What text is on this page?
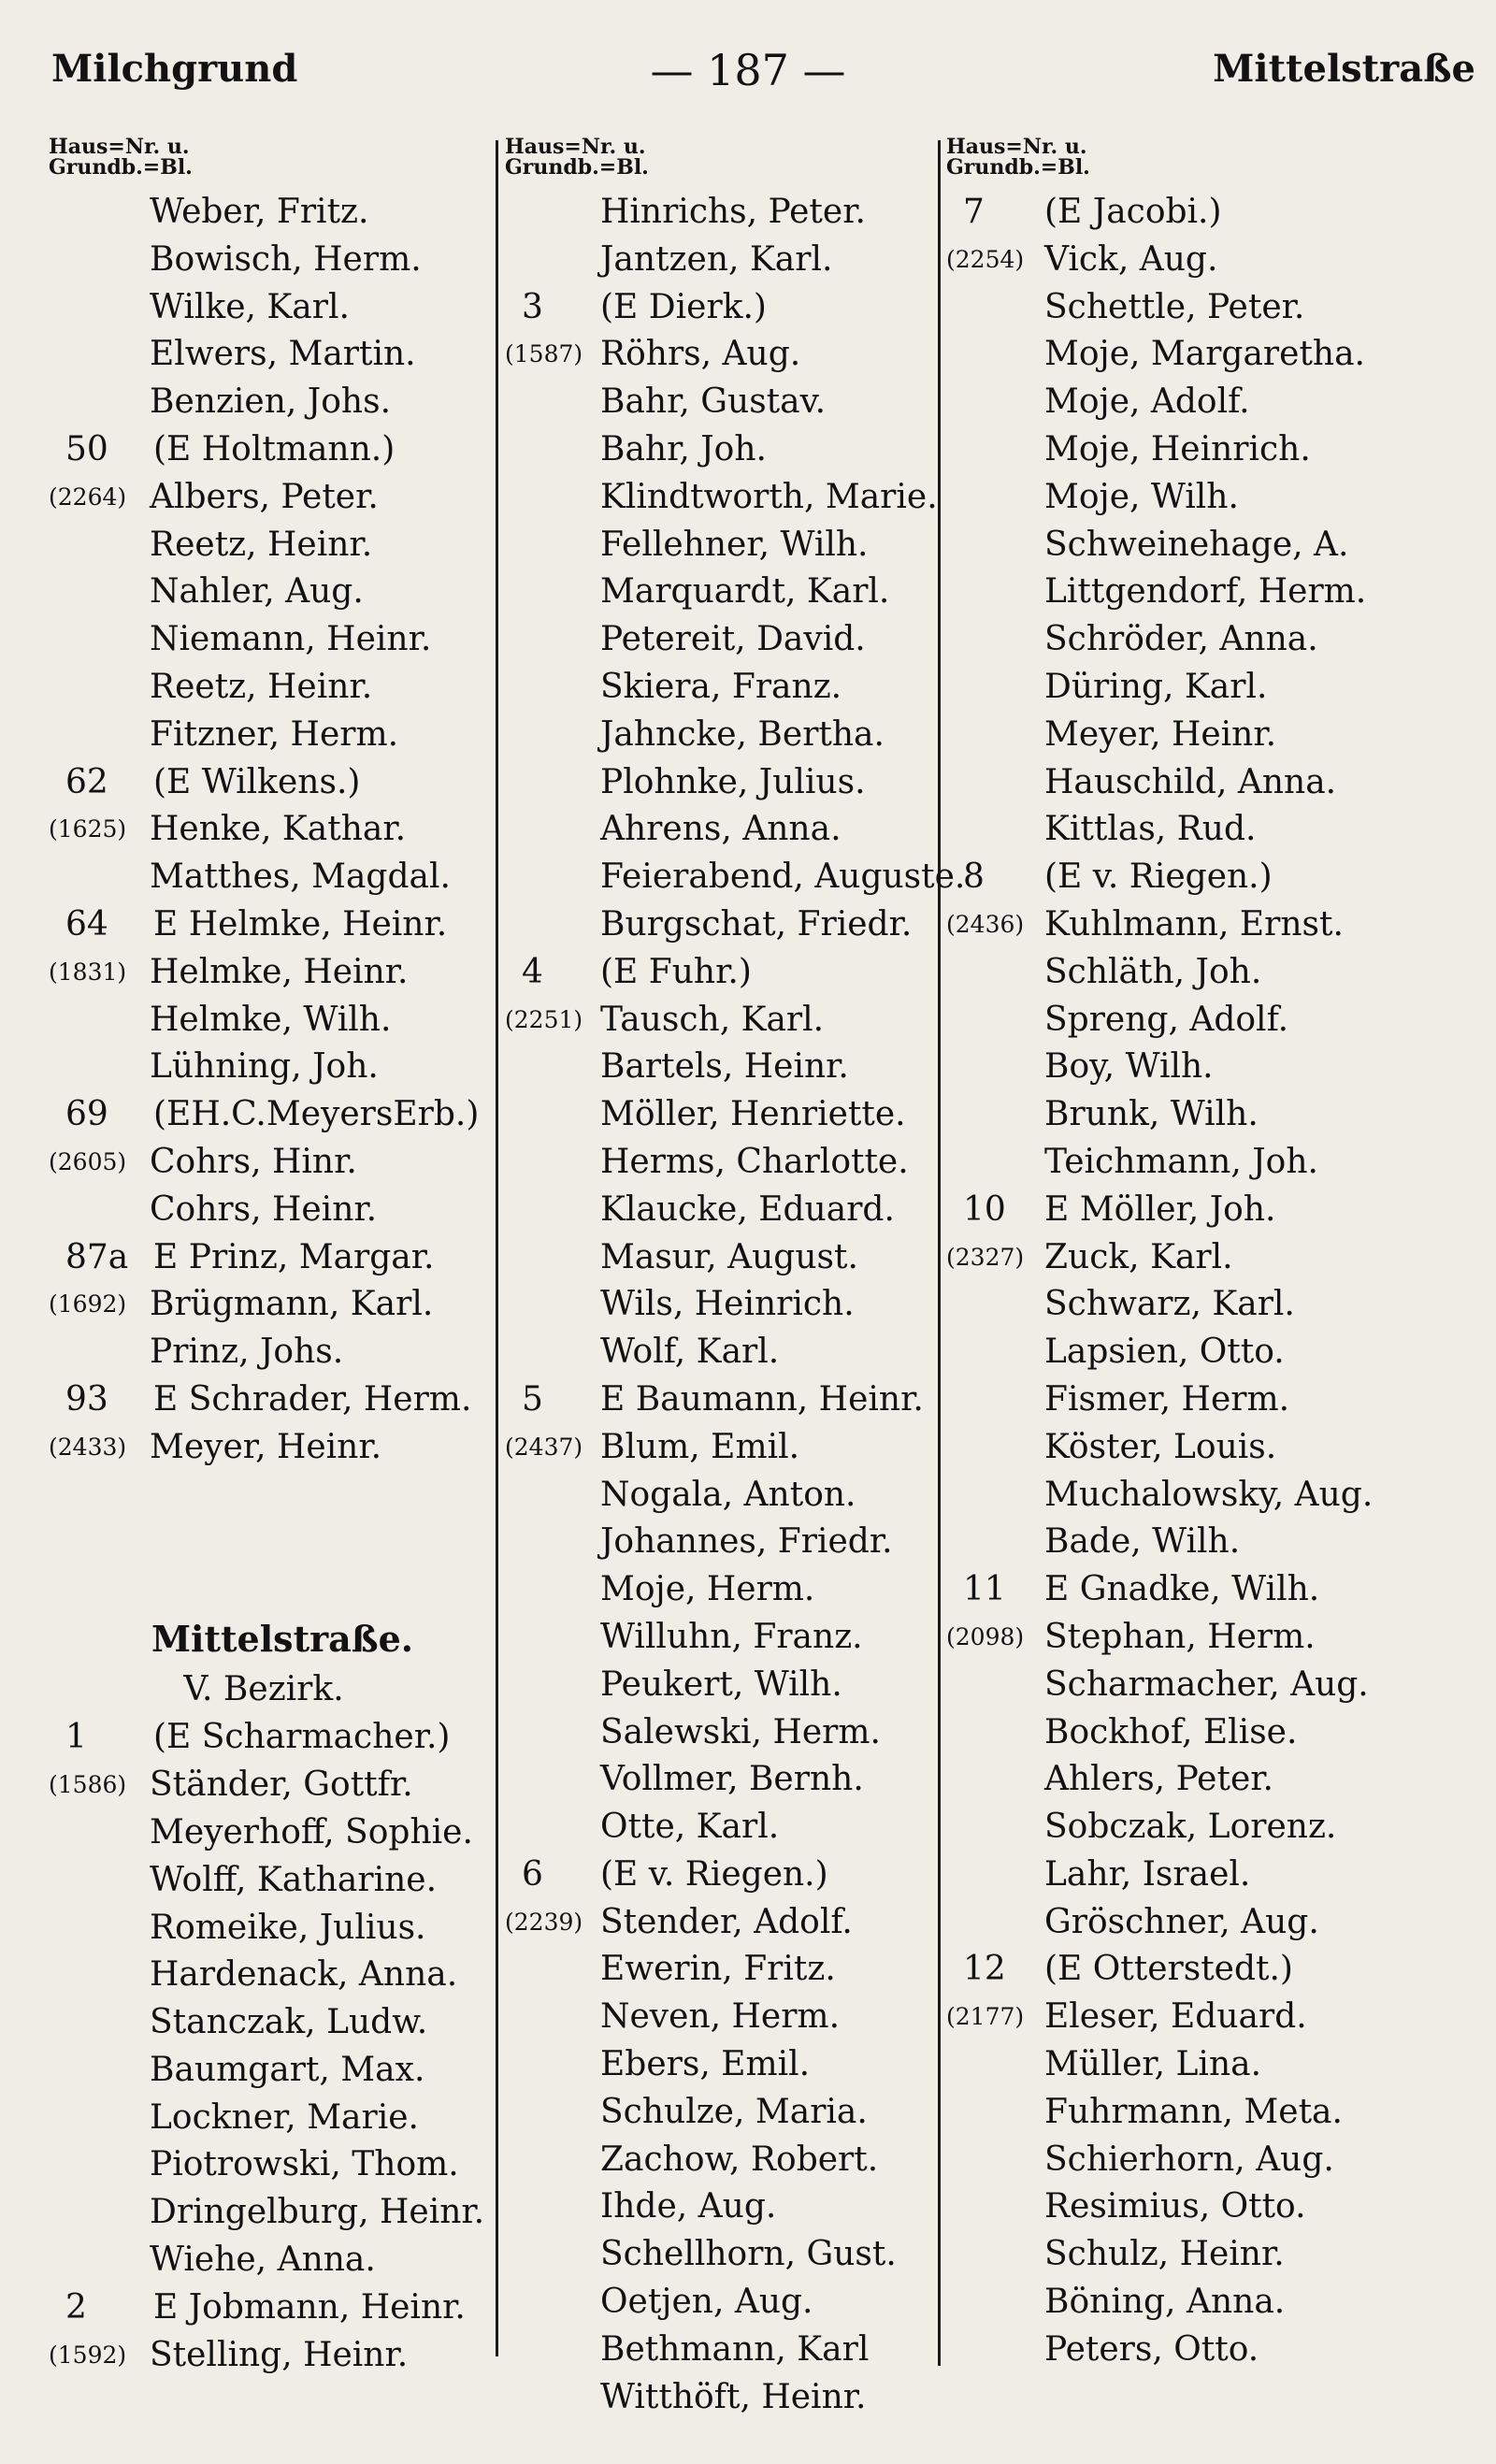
Milchgrund	— 187 —	Mittelstraße
Haus=Nr. u.
Grundb.=Bl.
Weber, Fritz.
Bowisch, Herm.
Wilke, Karl.
Elwers, Martin.
Benzien, Johs.
50 (E Holtmann.)
(2264) Albers, Peter.
Reetz, Heinr.
Nahler, Aug.
Niemann, Heinr.
Reetz, Heinr.
Fitzner, Herm.
62 (E Wilkens.)
(1625) Henke, Kathar.
Matthes, Magdal.
64 E Helmke, Heinr.
(1831) Helmke, Heinr.
Helmke, Wilh.
Lühning, Joh.
69 (EH.C.MeyersErb.)
(2605) Cohrs, Hinr.
Cohrs, Heinr.
87a E Prinz, Margar.
(1692) Brügmann, Karl.
Prinz, Johs.
93 E Schrader, Herm.
(2433) Meyer, Heinr.
Mittelstraße.
V. Bezirk.
1 (E Scharmacher.)
(1586) Ständer, Gottfr.
Meyerhoff, Sophie.
Wolff, Katharine.
Romeike, Julius.
Hardenack, Anna.
Stanczak, Ludw.
Baumgart, Max.
Lockner, Marie.
Piotrowski, Thom.
Dringelburg, Heinr.
Wiehe, Anna.
2 E Jobmann, Heinr.
(1592) Stelling, Heinr.
Haus=Nr. u.
Grundb.=Bl.
Hinrichs, Peter.
Jantzen, Karl.
3 (E Dierk.)
(1587) Röhrs, Aug.
Bahr, Gustav.
Bahr, Joh.
Klindtworth, Marie.
Fellehner, Wilh.
Marquardt, Karl.
Petereit, David.
Skiera, Franz.
Jahncke, Bertha.
Plohnke, Julius.
Ahrens, Anna.
Feierabend, Auguste.
Burgschat, Friedr.
4 (E Fuhr.)
(2251) Tausch, Karl.
Bartels, Heinr.
Möller, Henriette.
Herms, Charlotte.
Klaucke, Eduard.
Masur, August.
Wils, Heinrich.
Wolf, Karl.
5 E Baumann, Heinr.
(2437) Blum, Emil.
Nogala, Anton.
Johannes, Friedr.
Moje, Herm.
Willuhn, Franz.
Peukert, Wilh.
Salewski, Herm.
Vollmer, Bernh.
Otte, Karl.
6 (E v. Riegen.)
(2239) Stender, Adolf.
Ewerin, Fritz.
Neven, Herm.
Ebers, Emil.
Schulze, Maria.
Zachow, Robert.
Ihde, Aug.
Schellhorn, Gust.
Oetjen, Aug.
Bethmann, Karl
Witthöft, Heinr.
Haus=Nr. u.
Grundb.=Bl.
7 (E Jacobi.)
(2254) Vick, Aug.
Schettle, Peter.
Moje, Margaretha.
Moje, Adolf.
Moje, Heinrich.
Moje, Wilh.
Schweinehage, A.
Littgendorf, Herm.
Schröder, Anna.
Düring, Karl.
Meyer, Heinr.
Hauschild, Anna.
Kittlas, Rud.
8 (E v. Riegen.)
(2436) Kuhlmann, Ernst.
Schläth, Joh.
Spreng, Adolf.
Boy, Wilh.
Brunk, Wilh.
Teichmann, Joh.
10 E Möller, Joh.
(2327) Zuck, Karl.
Schwarz, Karl.
Lapsien, Otto.
Fismer, Herm.
Köster, Louis.
Muchalowsky, Aug.
Bade, Wilh.
11 E Gnadke, Wilh.
(2098) Stephan, Herm.
Scharmacher, Aug.
Bockhof, Elise.
Ahlers, Peter.
Sobczak, Lorenz.
Lahr, Israel.
Gröschner, Aug.
12 (E Otterstedt.)
(2177) Eleser, Eduard.
Müller, Lina.
Fuhrmann, Meta.
Schierhorn, Aug.
Resimius, Otto.
Schulz, Heinr.
Böning, Anna.
Peters, Otto.
